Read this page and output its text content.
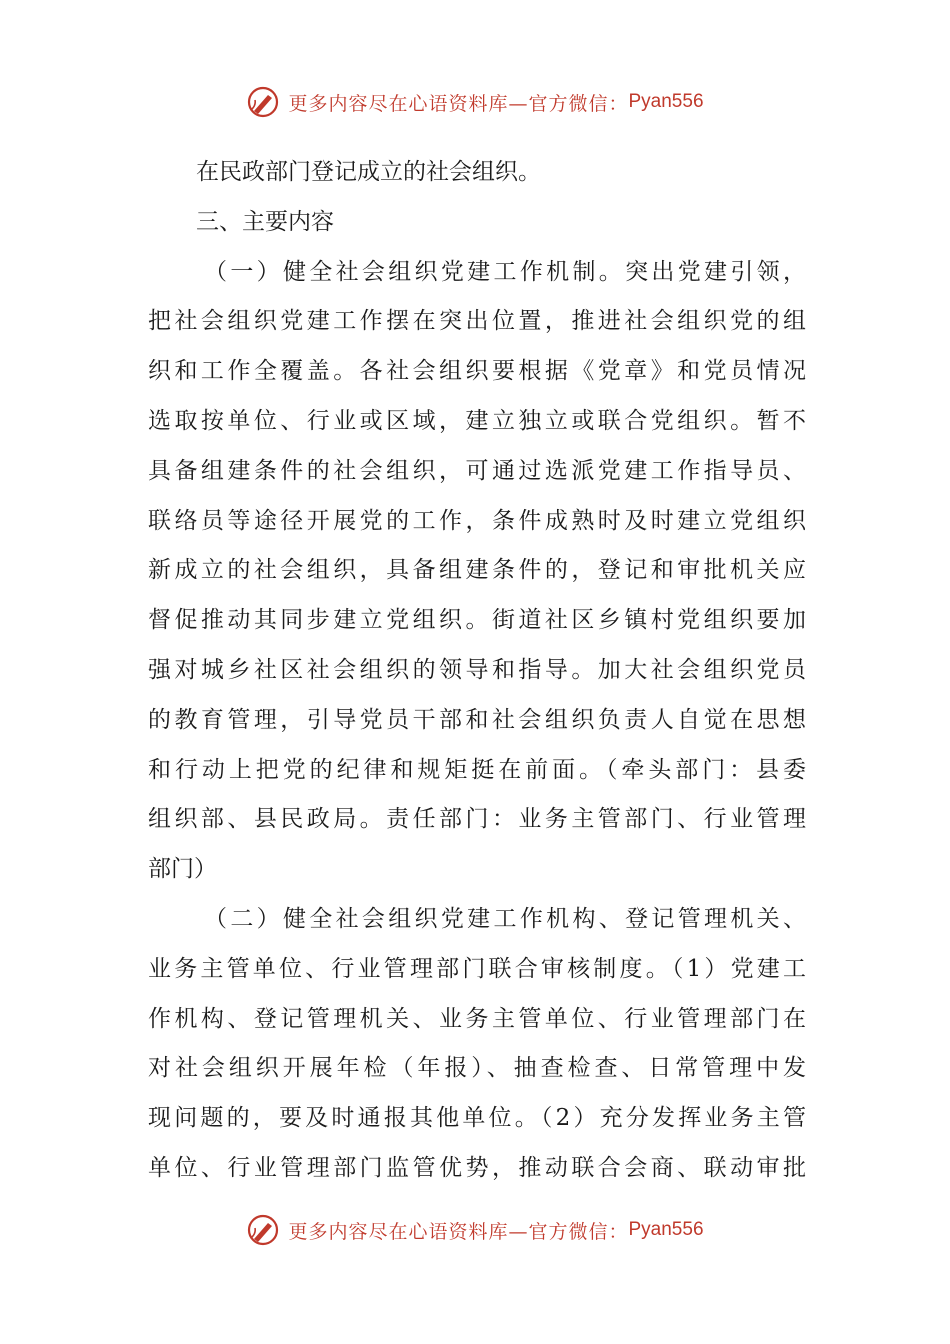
更多内容尽在心语资料库—官方微信： Pyan556
在民政部门登记成立的社会组织。
三、主要内容
（一）健全社会组织党建工作机制。突出党建引领，
把社会组织党建工作摆在突出位置，推进社会组织党的组
织和工作全覆盖。各社会组织要根据《党章》和党员情况
选取按单位、行业或区域，建立独立或联合党组织。暂不
具备组建条件的社会组织，可通过选派党建工作指导员、
联络员等途径开展党的工作，条件成熟时及时建立党组织
新成立的社会组织，具备组建条件的，登记和审批机关应
督促推动其同步建立党组织。街道社区乡镇村党组织要加
强对城乡社区社会组织的领导和指导。加大社会组织党员
的教育管理，引导党员干部和社会组织负责人自觉在思想
和行动上把党的纪律和规矩挺在前面。（牵头部门：县委
组织部、县民政局。责任部门：业务主管部门、行业管理
部门）
（二）健全社会组织党建工作机构、登记管理机关、
业务主管单位、行业管理部门联合审核制度。（1）党建工
作机构、登记管理机关、业务主管单位、行业管理部门在
对社会组织开展年检（年报）、抽查检查、日常管理中发
现问题的，要及时通报其他单位。（2）充分发挥业务主管
单位、行业管理部门监管优势，推动联合会商、联动审批
更多内容尽在心语资料库—官方微信： Pyan556
